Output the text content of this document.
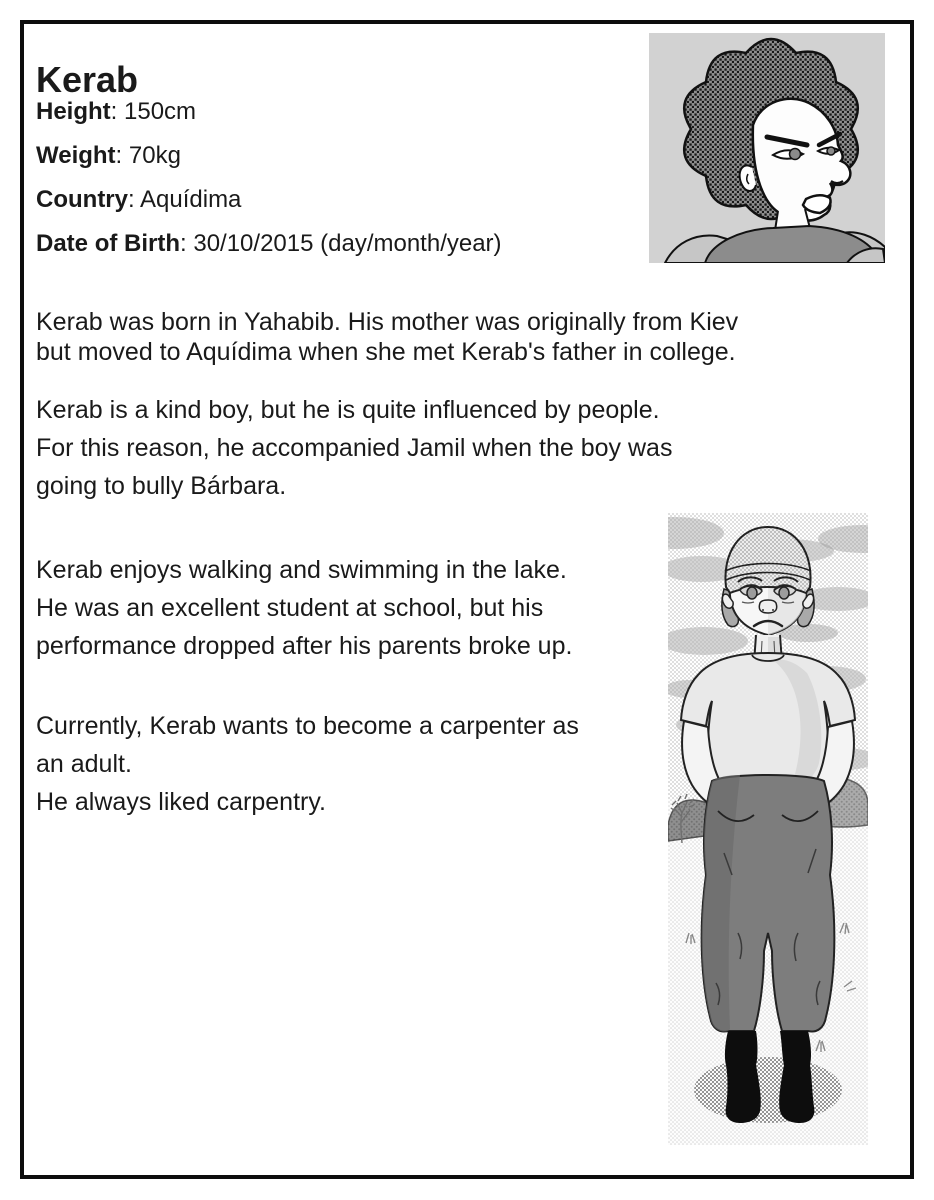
Kerab
Height: 150cm
Weight: 70kg
Country: Aquídima
Date of Birth: 30/10/2015 (day/month/year)
Kerab was born in Yahabib. His mother was originally from Kiev
but moved to Aquídima when she met Kerab's father in college.
Kerab is a kind boy, but he is quite influenced by people.
For this reason, he accompanied Jamil when the boy was
going to bully Bárbara.
Kerab enjoys walking and swimming in the lake.
He was an excellent student at school, but his
performance dropped after his parents broke up.
Currently, Kerab wants to become a carpenter as
an adult.
He always liked carpentry.
